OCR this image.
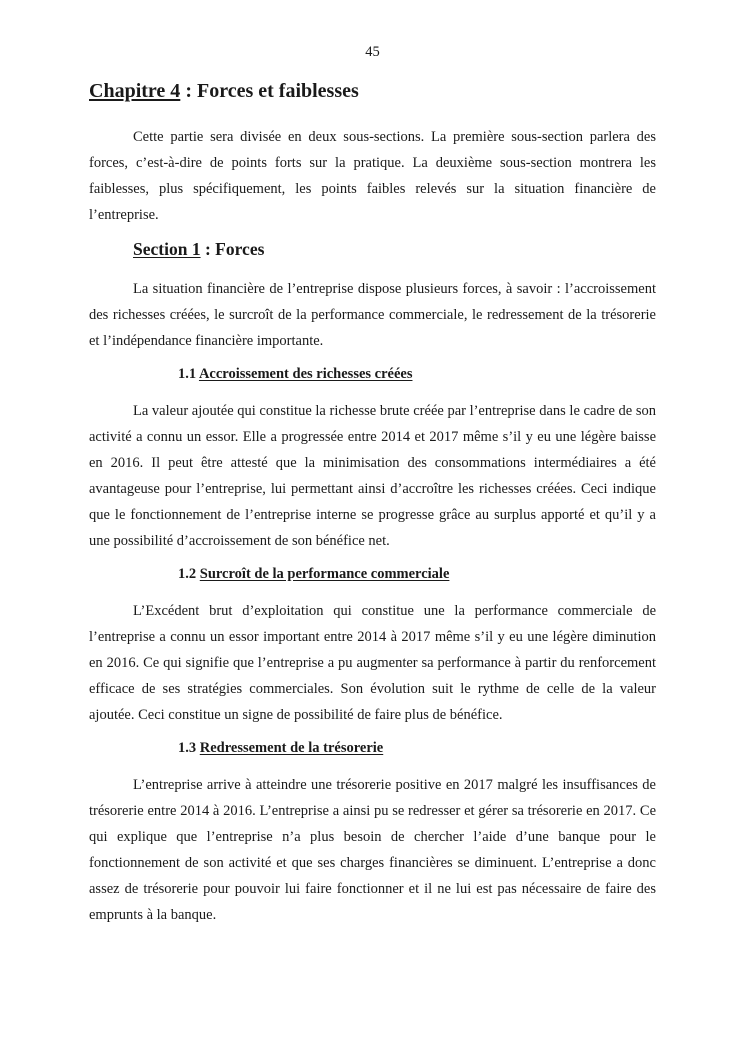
45
Chapitre 4 : Forces et faiblesses

Cette partie sera divisée en deux sous-sections. La première sous-section parlera des forces, c’est-à-dire de points forts sur la pratique. La deuxième sous-section montrera les faiblesses, plus spécifiquement, les points faibles relevés sur la situation financière de l’entreprise.

Section 1 : Forces

La situation financière de l’entreprise dispose plusieurs forces, à savoir : l’accroissement des richesses créées, le surcroît de la performance commerciale, le redressement de la trésorerie et l’indépendance financière importante.

1.1 Accroissement des richesses créées

La valeur ajoutée qui constitue la richesse brute créée par l’entreprise dans le cadre de son activité a connu un essor. Elle a progressée entre 2014 et 2017 même s’il y eu une légère baisse en 2016. Il peut être attesté que la minimisation des consommations intermédiaires a été avantageuse pour l’entreprise, lui permettant ainsi d’accroître les richesses créées. Ceci indique que le fonctionnement de l’entreprise interne se progresse grâce au surplus apporté et qu’il y a une possibilité d’accroissement de son bénéfice net.

1.2 Surcroît de la performance commerciale

L’Excédent brut d’exploitation qui constitue une la performance commerciale de l’entreprise a connu un essor important entre 2014 à 2017 même s’il y eu une légère diminution en 2016. Ce qui signifie que l’entreprise a pu augmenter sa performance à partir du renforcement efficace de ses stratégies commerciales. Son évolution suit le rythme de celle de la valeur ajoutée. Ceci constitue un signe de possibilité de faire plus de bénéfice.

1.3 Redressement de la trésorerie

L’entreprise arrive à atteindre une trésorerie positive en 2017 malgré les insuffisances de trésorerie entre 2014 à 2016. L’entreprise a ainsi pu se redresser et gérer sa trésorerie en 2017. Ce qui explique que l’entreprise n’a plus besoin de chercher l’aide d’une banque pour le fonctionnement de son activité et que ses charges financières se diminuent. L’entreprise a donc assez de trésorerie pour pouvoir lui faire fonctionner et il ne lui est pas nécessaire de faire des emprunts à la banque.
